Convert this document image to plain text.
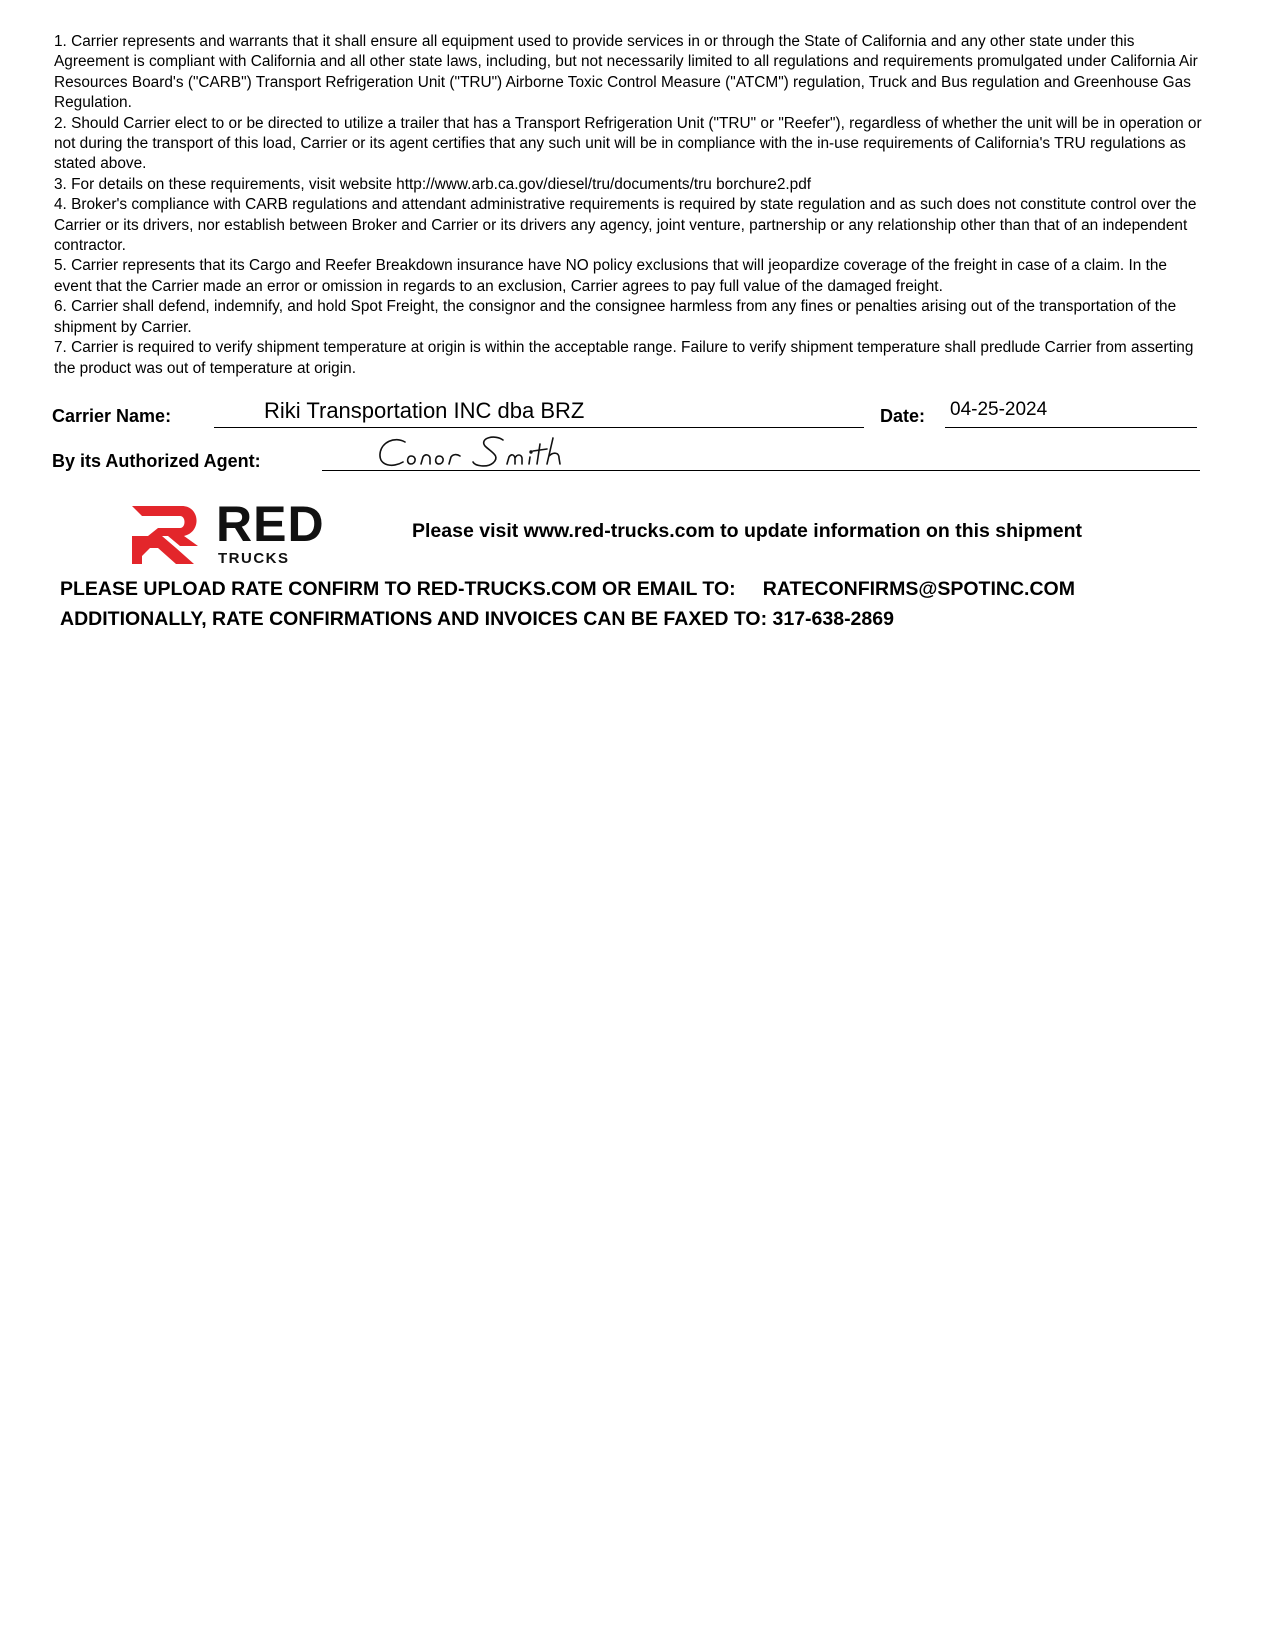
1. Carrier represents and warrants that it shall ensure all equipment used to provide services in or through the State of California and any other state under this Agreement is compliant with California and all other state laws, including, but not necessarily limited to all regulations and requirements promulgated under California Air Resources Board's ("CARB") Transport Refrigeration Unit ("TRU") Airborne Toxic Control Measure ("ATCM") regulation, Truck and Bus regulation and Greenhouse Gas Regulation.

2. Should Carrier elect to or be directed to utilize a trailer that has a Transport Refrigeration Unit ("TRU" or "Reefer"), regardless of whether the unit will be in operation or not during the transport of this load, Carrier or its agent certifies that any such unit will be in compliance with the in-use requirements of California's TRU regulations as stated above.

3. For details on these requirements, visit website http://www.arb.ca.gov/diesel/tru/documents/tru borchure2.pdf

4. Broker's compliance with CARB regulations and attendant administrative requirements is required by state regulation and as such does not constitute control over the Carrier or its drivers, nor establish between Broker and Carrier or its drivers any agency, joint venture, partnership or any relationship other than that of an independent contractor.

5. Carrier represents that its Cargo and Reefer Breakdown insurance have NO policy exclusions that will jeopardize coverage of the freight in case of a claim. In the event that the Carrier made an error or omission in regards to an exclusion, Carrier agrees to pay full value of the damaged freight.

6. Carrier shall defend, indemnify, and hold Spot Freight, the consignor and the consignee harmless from any fines or penalties arising out of the transportation of the shipment by Carrier.

7. Carrier is required to verify shipment temperature at origin is within the acceptable range. Failure to verify shipment temperature shall predlude Carrier from asserting the product was out of temperature at origin.

Carrier Name:	Riki Transportation INC dba BRZ	Date: 04-25-2024
By its Authorized Agent:
RED
TRUCKS
Please visit www.red-trucks.com to update information on this shipment
PLEASE UPLOAD RATE CONFIRM TO RED-TRUCKS.COM OR EMAIL TO:     RATECONFIRMS@SPOTINC.COM
ADDITIONALLY, RATE CONFIRMATIONS AND INVOICES CAN BE FAXED TO: 317-638-2869
